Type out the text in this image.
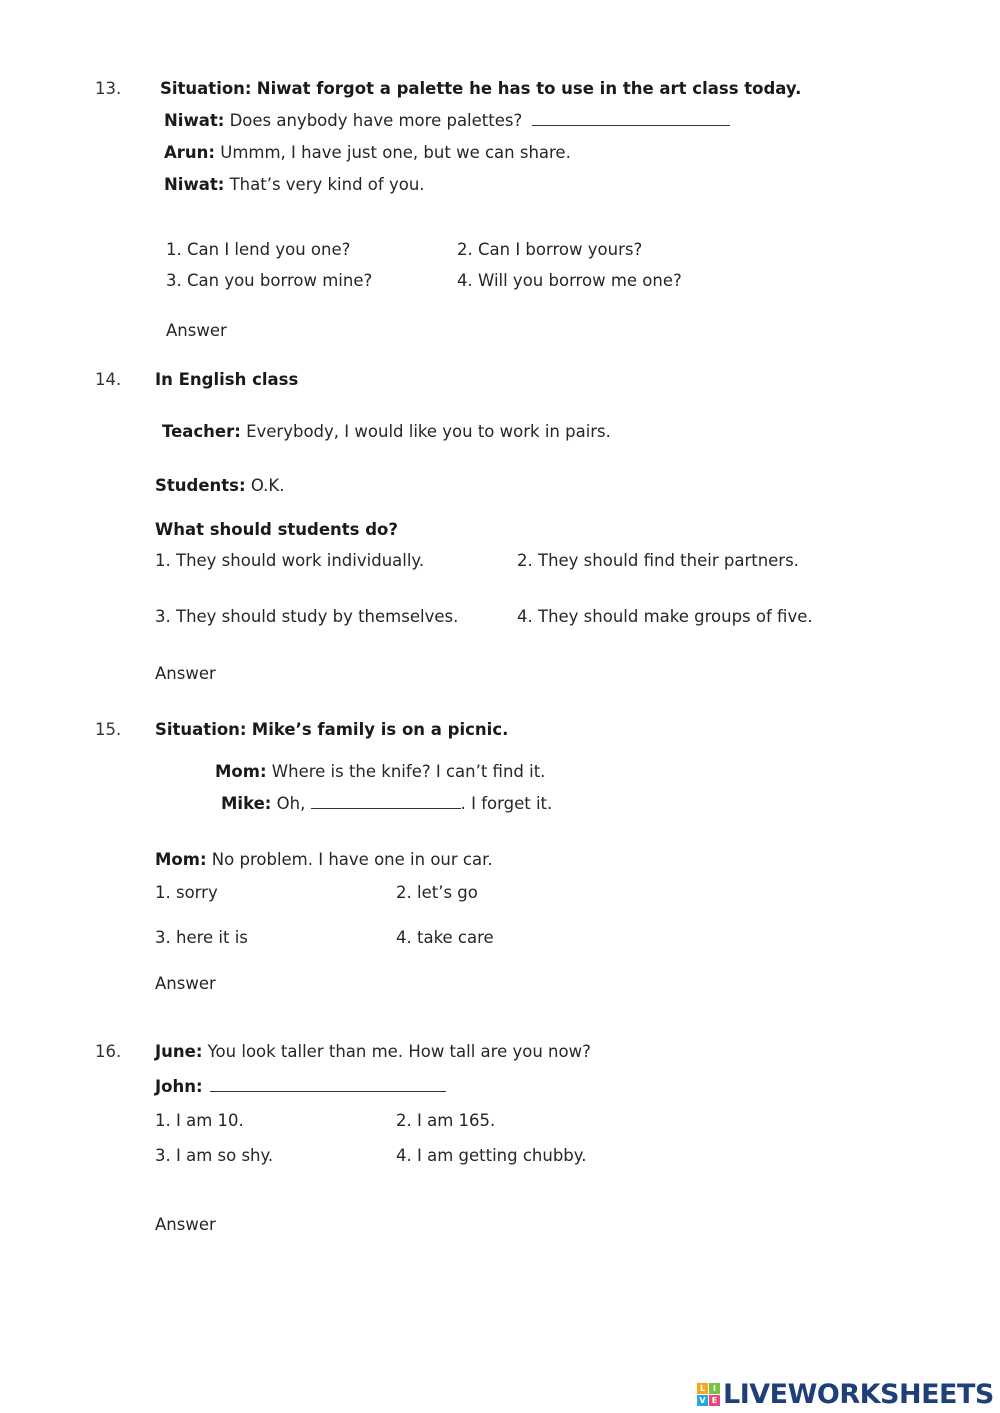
13. Situation: Niwat forgot a palette he has to use in the art class today.
Niwat: Does anybody have more palettes?
Arun: Ummm, I have just one, but we can share.
Niwat: That’s very kind of you.
1. Can I lend you one?	2. Can I borrow yours?
3. Can you borrow mine?	4. Will you borrow me one?
Answer
14. In English class
Teacher: Everybody, I would like you to work in pairs.
Students: O.K.
What should students do?
1. They should work individually.	2. They should find their partners.
3. They should study by themselves.	4. They should make groups of five.
Answer
15. Situation: Mike’s family is on a picnic.
Mom: Where is the knife? I can’t find it.
Mike: Oh,	. I forget it.
Mom: No problem. I have one in our car.
1. sorry	2. let’s go
3. here it is	4. take care
Answer
16. June: You look taller than me. How tall are you now?
John:
1. I am 10.	2. I am 165.
3. I am so shy.	4. I am getting chubby.
Answer
L I
V E LIVEWORKSHEETS
